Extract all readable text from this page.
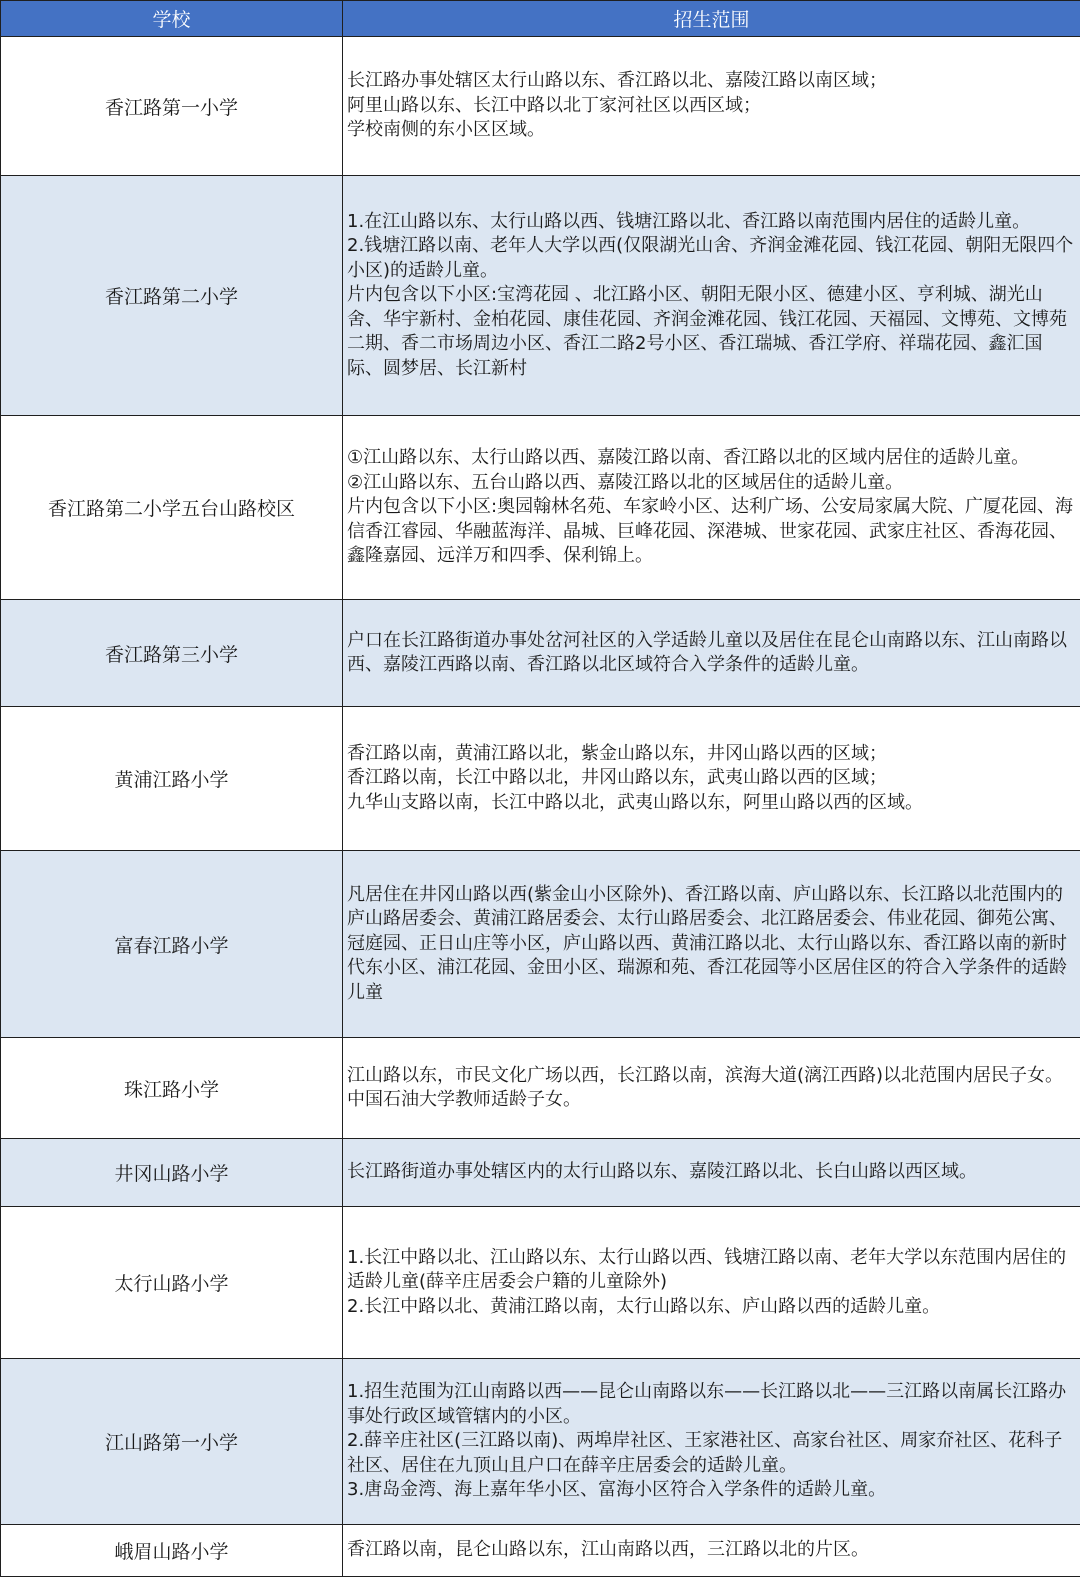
学校	招生范围
香江路第一小学	长江路办事处辖区太行山路以东、香江路以北、嘉陵江路以南区域；
阿里山路以东、长江中路以北丁家河社区以西区域；
学校南侧的东小区区域。
香江路第二小学	1.在江山路以东、太行山路以西、钱塘江路以北、香江路以南范围内居住的适龄儿童。
2.钱塘江路以南、老年人大学以西(仅限湖光山舍、齐润金滩花园、钱江花园、朝阳无限四个小区)的适龄儿童。
片内包含以下小区:宝湾花园 、北江路小区、朝阳无限小区、德建小区、亨利城、湖光山舍、华宇新村、金柏花园、康佳花园、齐润金滩花园、钱江花园、天福园、文博苑、文博苑二期、香二市场周边小区、香江二路2号小区、香江瑞城、香江学府、祥瑞花园、鑫汇国际、圆梦居、长江新村
香江路第二小学五台山路校区	①江山路以东、太行山路以西、嘉陵江路以南、香江路以北的区域内居住的适龄儿童。
②江山路以东、五台山路以西、嘉陵江路以北的区域居住的适龄儿童。
片内包含以下小区:奥园翰林名苑、车家岭小区、达利广场、公安局家属大院、广厦花园、海信香江睿园、华融蓝海洋、晶城、巨峰花园、深港城、世家花园、武家庄社区、香海花园、鑫隆嘉园、远洋万和四季、保利锦上。
香江路第三小学	户口在长江路街道办事处岔河社区的入学适龄儿童以及居住在昆仑山南路以东、江山南路以西、嘉陵江西路以南、香江路以北区域符合入学条件的适龄儿童。
黄浦江路小学	香江路以南，黄浦江路以北，紫金山路以东，井冈山路以西的区域；
香江路以南，长江中路以北，井冈山路以东，武夷山路以西的区域；
九华山支路以南，长江中路以北，武夷山路以东，阿里山路以西的区域。
富春江路小学	凡居住在井冈山路以西(紫金山小区除外)、香江路以南、庐山路以东、长江路以北范围内的庐山路居委会、黄浦江路居委会、太行山路居委会、北江路居委会、伟业花园、御苑公寓、冠庭园、正日山庄等小区，庐山路以西、黄浦江路以北、太行山路以东、香江路以南的新时代东小区、浦江花园、金田小区、瑞源和苑、香江花园等小区居住区的符合入学条件的适龄儿童
珠江路小学	江山路以东，市民文化广场以西，长江路以南，滨海大道(漓江西路)以北范围内居民子女。中国石油大学教师适龄子女。
井冈山路小学	长江路街道办事处辖区内的太行山路以东、嘉陵江路以北、长白山路以西区域。
太行山路小学	1.长江中路以北、江山路以东、太行山路以西、钱塘江路以南、老年大学以东范围内居住的适龄儿童(薛辛庄居委会户籍的儿童除外)
2.长江中路以北、黄浦江路以南，太行山路以东、庐山路以西的适龄儿童。
江山路第一小学	1.招生范围为江山南路以西——昆仑山南路以东——长江路以北——三江路以南属长江路办事处行政区域管辖内的小区。
2.薛辛庄社区(三江路以南)、两埠岸社区、王家港社区、高家台社区、周家夼社区、花科子社区、居住在九顶山且户口在薛辛庄居委会的适龄儿童。
3.唐岛金湾、海上嘉年华小区、富海小区符合入学条件的适龄儿童。
峨眉山路小学	香江路以南，昆仑山路以东，江山南路以西，三江路以北的片区。
